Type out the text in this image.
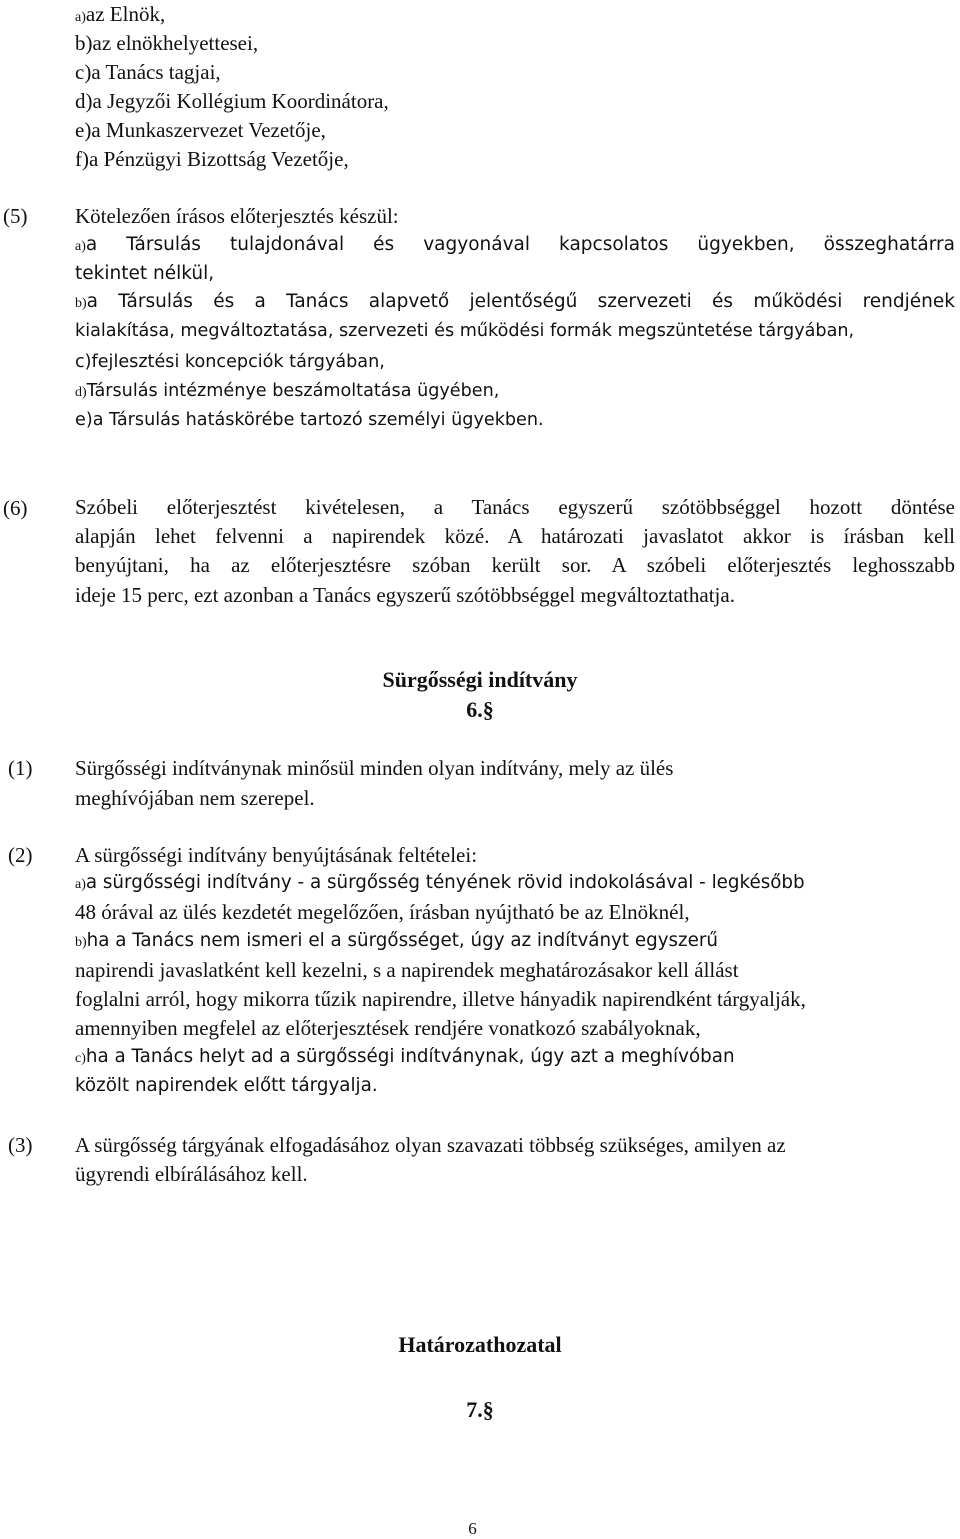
a)az Elnök,
b)az elnökhelyettesei,
c)a Tanács tagjai,
d)a Jegyzői Kollégium Koordinátora,
e)a Munkaszervezet Vezetője,
f)a Pénzügyi Bizottság Vezetője,
(5) Kötelezően írásos előterjesztés készül:
a)a Társulás tulajdonával és vagyonával kapcsolatos ügyekben, összeghatárra
tekintet nélkül,
b)a Társulás és a Tanács alapvető jelentőségű szervezeti és működési rendjének
kialakítása, megváltoztatása, szervezeti és működési formák megszüntetése tárgyában,
c)fejlesztési koncepciók tárgyában,
d)Társulás intézménye beszámoltatása ügyében,
e)a Társulás hatáskörébe tartozó személyi ügyekben.
(6) Szóbeli előterjesztést kivételesen, a Tanács egyszerű szótöbbséggel hozott döntése
alapján lehet felvenni a napirendek közé. A határozati javaslatot akkor is írásban kell
benyújtani, ha az előterjesztésre szóban került sor. A szóbeli előterjesztés leghosszabb
ideje 15 perc, ezt azonban a Tanács egyszerű szótöbbséggel megváltoztathatja.
Sürgősségi indítvány
6.§
(1) Sürgősségi indítványnak minősül minden olyan indítvány, mely az ülés
meghívójában nem szerepel.
(2) A sürgősségi indítvány benyújtásának feltételei:
a)a sürgősségi indítvány - a sürgősség tényének rövid indokolásával - legkésőbb
48 órával az ülés kezdetét megelőzően, írásban nyújtható be az Elnöknél,
b)ha a Tanács nem ismeri el a sürgősséget, úgy az indítványt egyszerű
napirendi javaslatként kell kezelni, s a napirendek meghatározásakor kell állást
foglalni arról, hogy mikorra tűzik napirendre, illetve hányadik napirendként tárgyalják,
amennyiben megfelel az előterjesztések rendjére vonatkozó szabályoknak,
c)ha a Tanács helyt ad a sürgősségi indítványnak, úgy azt a meghívóban
közölt napirendek előtt tárgyalja.
(3) A sürgősség tárgyának elfogadásához olyan szavazati többség szükséges, amilyen az
ügyrendi elbírálásához kell.
Határozathozatal
7.§
6
